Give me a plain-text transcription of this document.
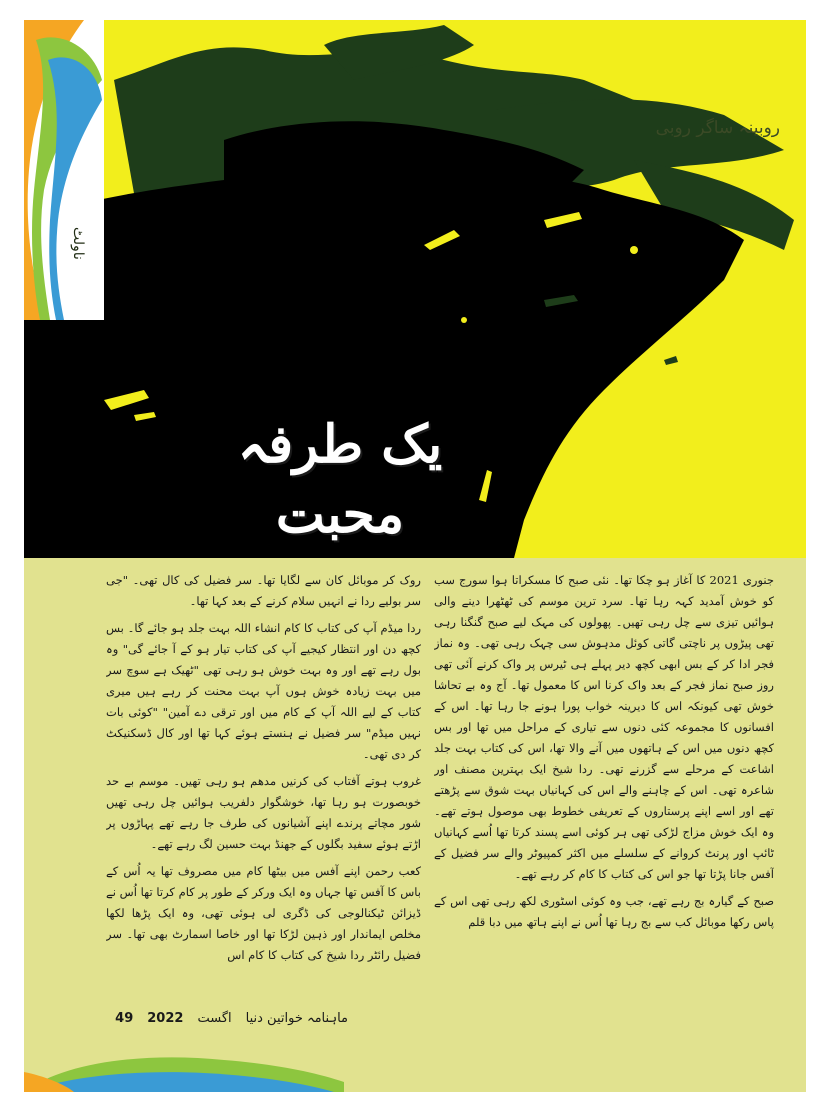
روبینہ ساگر روبی
ناولٹ
یک طرفہ محبت

جنوری 2021 کا آغاز ہو چکا تھا۔ نئی صبح کا مسکراتا ہوا سورج سب کو خوش آمدید کہہ رہا تھا۔ سرد ترین موسم کی ٹھٹھرا دینے والی ہوائیں تیزی سے چل رہی تھیں۔ پھولوں کی مہک لیے صبح گنگنا رہی تھی پیڑوں پر ناچتی گاتی کوئل مدہوش سی چہک رہی تھی۔ وہ نماز فجر ادا کر کے بس ابھی کچھ دیر پہلے ہی ٹیرس پر واک کرنے آئی تھی روز صبح نماز فجر کے بعد واک کرنا اس کا معمول تھا۔ آج وہ بے تحاشا خوش تھی کیونکہ اس کا دیرینہ خواب پورا ہونے جا رہا تھا۔ اس کے افسانوں کا مجموعہ کئی دنوں سے تیاری کے مراحل میں تھا اور بس کچھ دنوں میں اس کے ہاتھوں میں آنے والا تھا، اس کی کتاب بہت جلد اشاعت کے مرحلے سے گزرنے تھی۔ ردا شیخ ایک بہترین مصنف اور شاعرہ تھی۔ اس کے چاہنے والے اس کی کہانیاں بہت شوق سے پڑھتے تھے اور اسے اپنے پرستاروں کے تعریفی خطوط بھی موصول ہوتے تھے۔ وہ ایک خوش مزاج لڑکی تھی ہر کوئی اسے پسند کرتا تھا اُسے کہانیاں ٹائپ اور پرنٹ کروانے کے سلسلے میں اکثر کمپیوٹر والے سر فضیل کے آفس جانا پڑتا تھا جو اس کی کتاب کا کام کر رہے تھے۔

صبح کے گیارہ بج رہے تھے، جب وہ کوئی اسٹوری لکھ رہی تھی اس کے پاس رکھا موبائل کب سے بج رہا تھا اُس نے اپنے ہاتھ میں دبا قلم

روک کر موبائل کان سے لگایا تھا۔ سر فضیل کی کال تھی۔ "جی سر بولیے ردا نے انہیں سلام کرنے کے بعد کہا تھا۔

ردا میڈم آپ کی کتاب کا کام انشاء اللہ بہت جلد ہو جائے گا۔ بس کچھ دن اور انتظار کیجیے آپ کی کتاب تیار ہو کے آ جائے گی" وہ بول رہے تھے اور وہ بہت خوش ہو رہی تھی "ٹھیک ہے سوچ سر میں بہت زیادہ خوش ہوں آپ بہت محنت کر رہے ہیں میری کتاب کے لیے اللہ آپ کے کام میں اور ترقی دے آمین" "کوئی بات نہیں میڈم" سر فضیل نے ہنستے ہوئے کہا تھا اور کال ڈسکنیکٹ کر دی تھی۔

غروب ہوتے آفتاب کی کرنیں مدھم ہو رہی تھیں۔ موسم بے حد خوبصورت ہو رہا تھا، خوشگوار دلفریب ہوائیں چل رہی تھیں شور مچاتے پرندے اپنے آشیانوں کی طرف جا رہے تھے پہاڑوں پر اڑتے ہوئے سفید بگلوں کے جھنڈ بہت حسین لگ رہے تھے۔

کعب رحمن اپنے آفس میں بیٹھا کام میں مصروف تھا یہ اُس کے باس کا آفس تھا جہاں وہ ایک ورکر کے طور پر کام کرتا تھا اُس نے ڈیزائن ٹیکنالوجی کی ڈگری لی ہوئی تھی، وہ ایک پڑھا لکھا مخلص ایماندار اور ذہین لڑکا تھا اور خاصا اسمارٹ بھی تھا۔ سر فضیل رائٹر ردا شیخ کی کتاب کا کام اس

ماہنامہ خواتین دنیا
اگست
2022
49
